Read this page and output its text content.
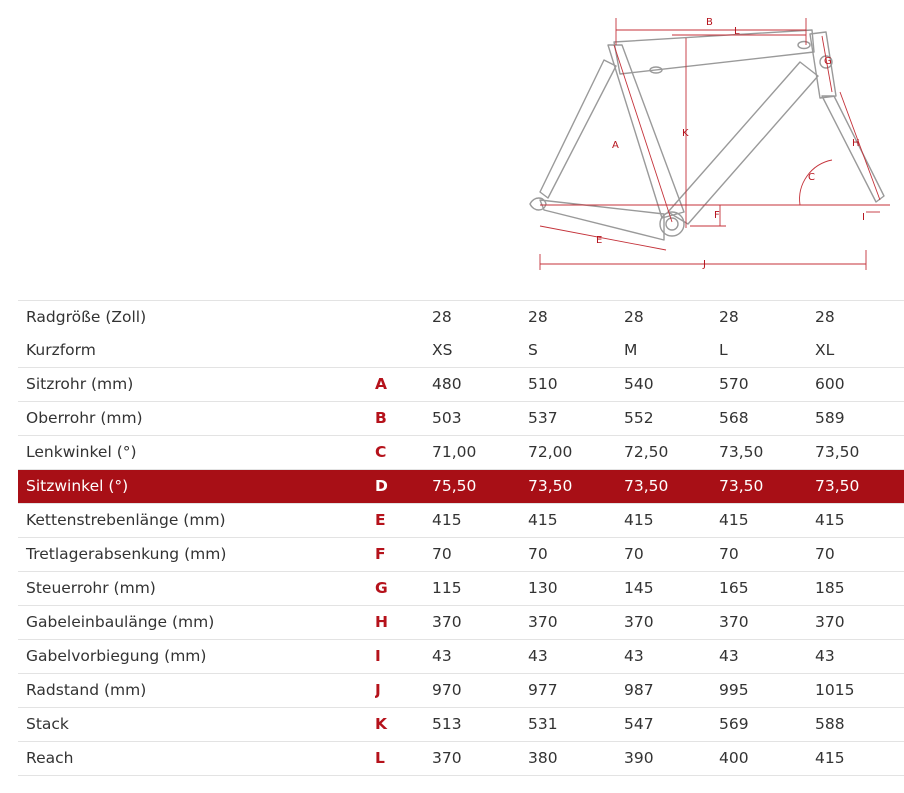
B
L
K
A
G
H
C
F	I
E
J
Radgröße (Zoll)		28	28	28	28	28
Kurzform		XS	S	M	L	XL
Sitzrohr (mm)	A	480	510	540	570	600
Oberrohr (mm)	B	503	537	552	568	589
Lenkwinkel (°)	C	71,00	72,00	72,50	73,50	73,50
Sitzwinkel (°)	D	75,50	73,50	73,50	73,50	73,50
Kettenstrebenlänge (mm)	E	415	415	415	415	415
Tretlagerabsenkung (mm)	F	70	70	70	70	70
Steuerrohr (mm)	G	115	130	145	165	185
Gabeleinbaulänge (mm)	H	370	370	370	370	370
Gabelvorbiegung (mm)	I	43	43	43	43	43
Radstand (mm)	J	970	977	987	995	1015
Stack	K	513	531	547	569	588
Reach	L	370	380	390	400	415
